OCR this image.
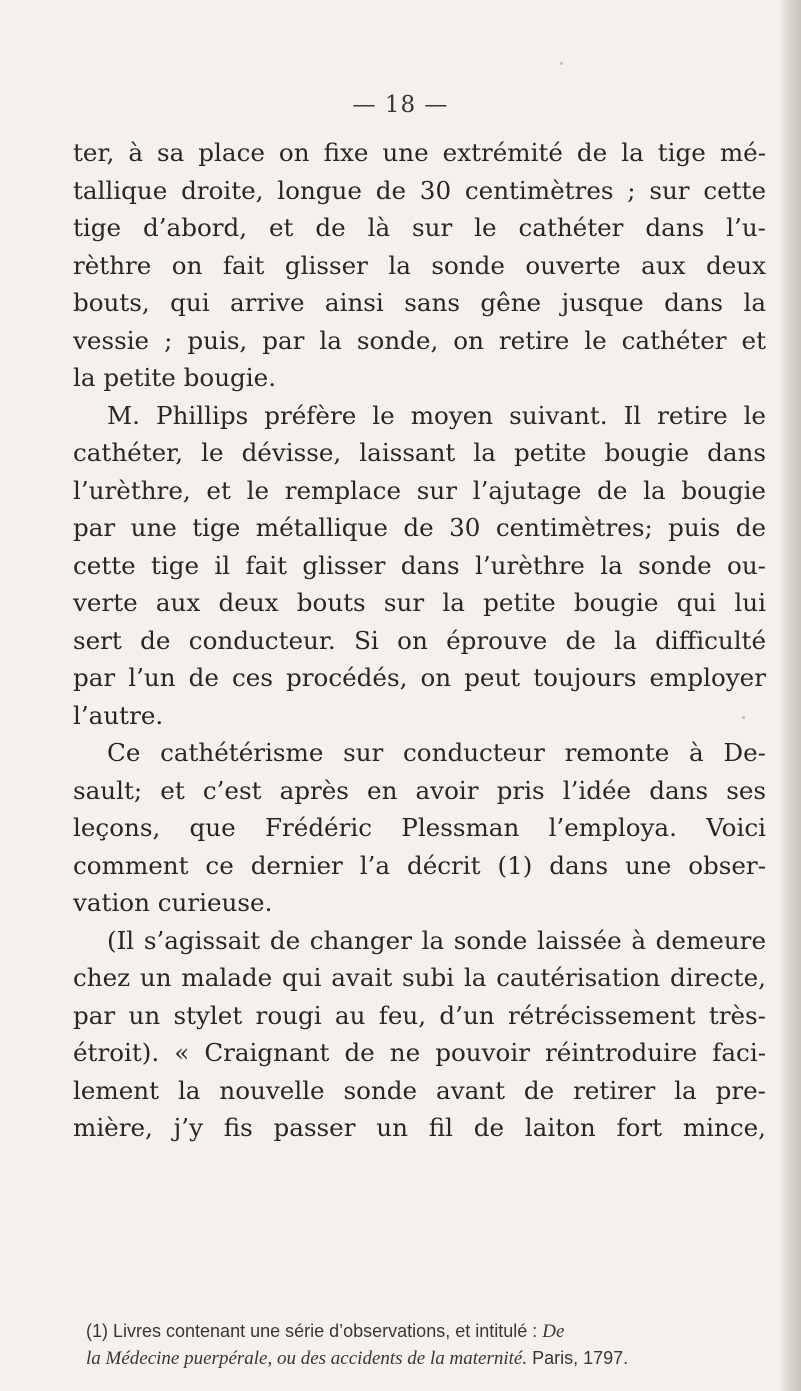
— 18 —
ter, à sa place on fixe une extrémité de la tige mé-
tallique droite, longue de 30 centimètres ; sur cette
tige d’abord, et de là sur le cathéter dans l’u-
rèthre on fait glisser la sonde ouverte aux deux
bouts, qui arrive ainsi sans gêne jusque dans la
vessie ; puis, par la sonde, on retire le cathéter et
la petite bougie.
M. Phillips préfère le moyen suivant. Il retire le
cathéter, le dévisse, laissant la petite bougie dans
l’urèthre, et le remplace sur l’ajutage de la bougie
par une tige métallique de 30 centimètres; puis de
cette tige il fait glisser dans l’urèthre la sonde ou-
verte aux deux bouts sur la petite bougie qui lui
sert de conducteur. Si on éprouve de la difficulté
par l’un de ces procédés, on peut toujours employer
l’autre.
Ce cathétérisme sur conducteur remonte à De-
sault; et c’est après en avoir pris l’idée dans ses
leçons, que Frédéric Plessman l’employa. Voici
comment ce dernier l’a décrit (1) dans une obser-
vation curieuse.
(Il s’agissait de changer la sonde laissée à demeure
chez un malade qui avait subi la cautérisation directe,
par un stylet rougi au feu, d’un rétrécissement très-
étroit). « Craignant de ne pouvoir réintroduire faci-
lement la nouvelle sonde avant de retirer la pre-
mière, j’y fis passer un fil de laiton fort mince,
(1) Livres contenant une série d’observations, et intitulé : De
la Médecine puerpérale, ou des accidents de la maternité. Paris, 1797.
